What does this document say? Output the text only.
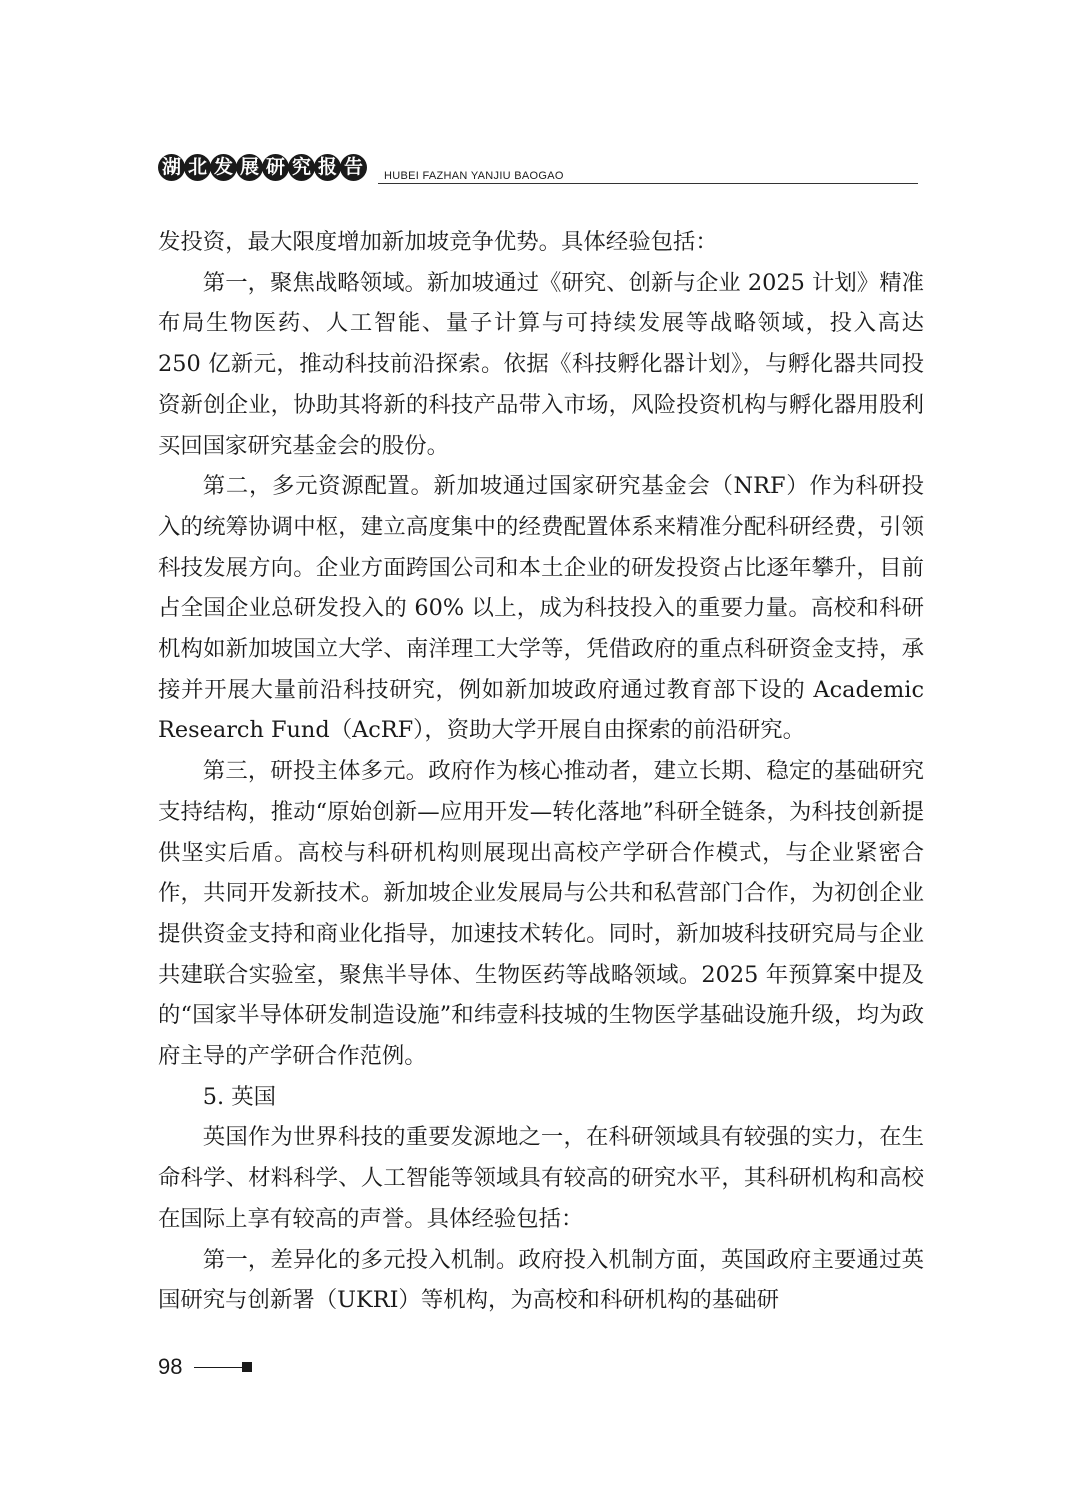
湖 北 发 展 研 究 报 告	HUBEI FAZHAN YANJIU BAOGAO

发投资，最大限度增加新加坡竞争优势。具体经验包括：

第一，聚焦战略领域。新加坡通过《研究、创新与企业 2025 计划》精准布局生物医药、人工智能、量子计算与可持续发展等战略领域，投入高达 250 亿新元，推动科技前沿探索。依据《科技孵化器计划》，与孵化器共同投资新创企业，协助其将新的科技产品带入市场，风险投资机构与孵化器用股利买回国家研究基金会的股份。

第二，多元资源配置。新加坡通过国家研究基金会（NRF）作为科研投入的统筹协调中枢，建立高度集中的经费配置体系来精准分配科研经费，引领科技发展方向。企业方面跨国公司和本土企业的研发投资占比逐年攀升，目前占全国企业总研发投入的 60% 以上，成为科技投入的重要力量。高校和科研机构如新加坡国立大学、南洋理工大学等，凭借政府的重点科研资金支持，承接并开展大量前沿科技研究，例如新加坡政府通过教育部下设的 Academic Research Fund（AcRF），资助大学开展自由探索的前沿研究。

第三，研投主体多元。政府作为核心推动者，建立长期、稳定的基础研究支持结构，推动“原始创新—应用开发—转化落地”科研全链条，为科技创新提供坚实后盾。高校与科研机构则展现出高校产学研合作模式，与企业紧密合作，共同开发新技术。新加坡企业发展局与公共和私营部门合作，为初创企业提供资金支持和商业化指导，加速技术转化。同时，新加坡科技研究局与企业共建联合实验室，聚焦半导体、生物医药等战略领域。2025 年预算案中提及的“国家半导体研发制造设施”和纬壹科技城的生物医学基础设施升级，均为政府主导的产学研合作范例。

5. 英国

英国作为世界科技的重要发源地之一，在科研领域具有较强的实力，在生命科学、材料科学、人工智能等领域具有较高的研究水平，其科研机构和高校在国际上享有较高的声誉。具体经验包括：

第一，差异化的多元投入机制。政府投入机制方面，英国政府主要通过英国研究与创新署（UKRI）等机构，为高校和科研机构的基础研

98
